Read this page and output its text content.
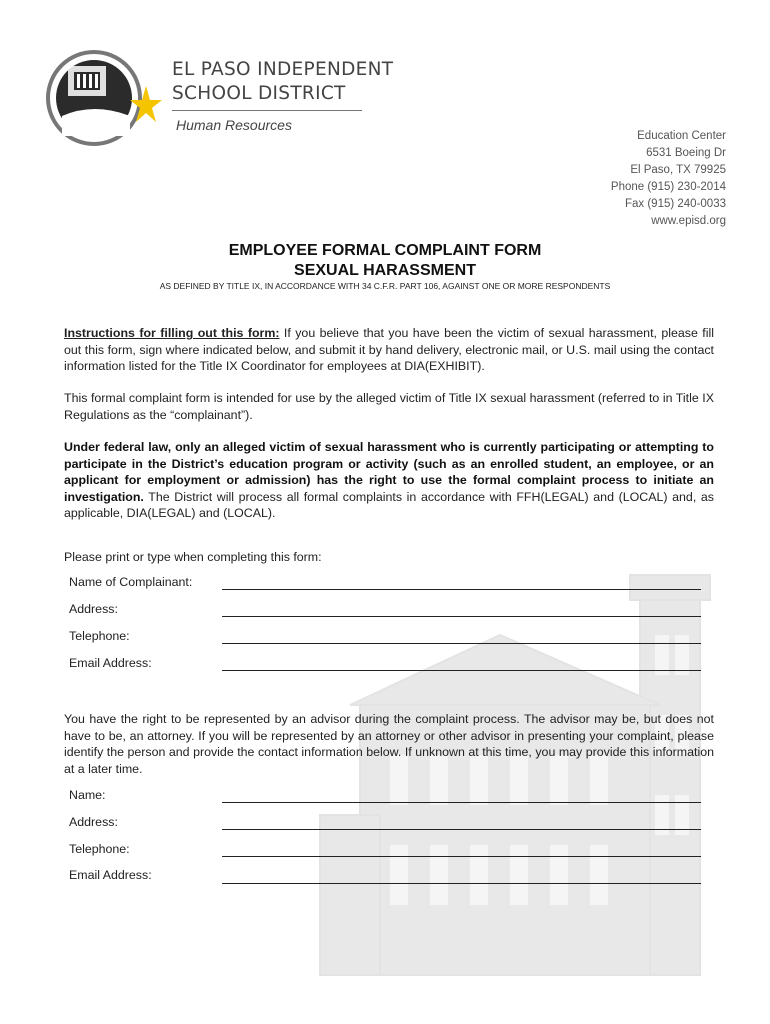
EL PASO INDEPENDENT
SCHOOL DISTRICT
Human Resources
Education Center
6531 Boeing Dr
El Paso, TX 79925
Phone (915) 230-2014
Fax (915) 240-0033
www.episd.org
EMPLOYEE FORMAL COMPLAINT FORM
SEXUAL HARASSMENT
AS DEFINED BY TITLE IX, IN ACCORDANCE WITH 34 C.F.R. PART 106, AGAINST ONE OR MORE RESPONDENTS
Instructions for filling out this form: If you believe that you have been the victim of sexual harassment, please fill out this form, sign where indicated below, and submit it by hand delivery, electronic mail, or U.S. mail using the contact information listed for the Title IX Coordinator for employees at DIA(EXHIBIT).
This formal complaint form is intended for use by the alleged victim of Title IX sexual harassment (referred to in Title IX Regulations as the “complainant”).
Under federal law, only an alleged victim of sexual harassment who is currently participating or attempting to participate in the District’s education program or activity (such as an enrolled student, an employee, or an applicant for employment or admission) has the right to use the formal complaint process to initiate an investigation. The District will process all formal complaints in accordance with FFH(LEGAL) and (LOCAL) and, as applicable, DIA(LEGAL) and (LOCAL).
Please print or type when completing this form:
Name of Complainant:
Address:
Telephone:
Email Address:
You have the right to be represented by an advisor during the complaint process. The advisor may be, but does not have to be, an attorney. If you will be represented by an attorney or other advisor in presenting your complaint, please identify the person and provide the contact information below. If unknown at this time, you may provide this information at a later time.
Name:
Address:
Telephone:
Email Address:
